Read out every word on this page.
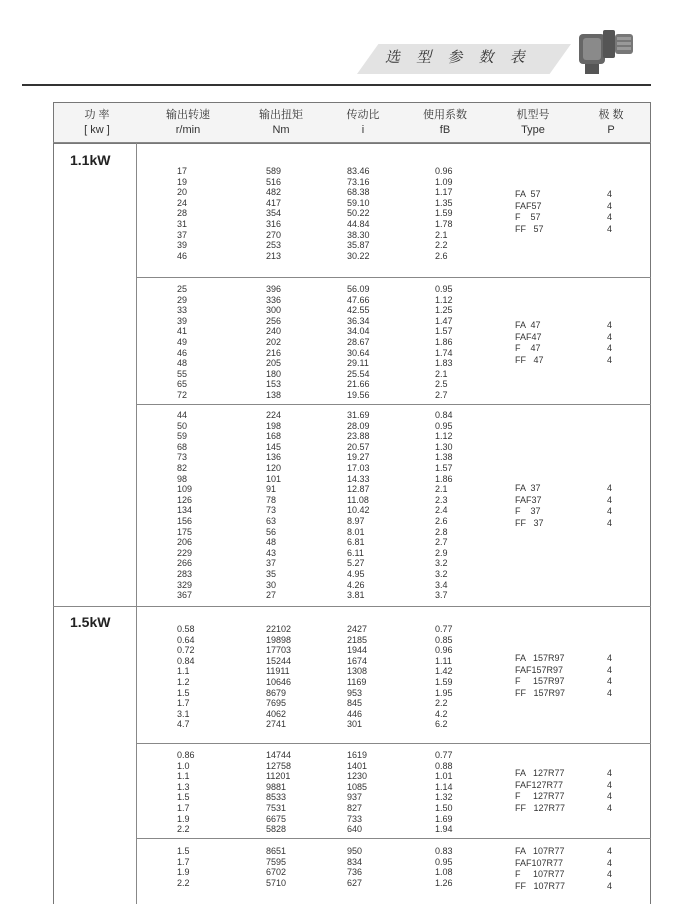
选 型 参 数 表
功 率
[ kw ]
输出转速
r/min
输出扭矩
Nm
传动比
i
使用系数
fB
机型号
Type
极 数
P
1.1kW
1.5kW
17
19
20
24
28
31
37
39
46
589
516
482
417
354
316
270
253
213
83.46
73.16
68.38
59.10
50.22
44.84
38.30
35.87
30.22
0.96
1.09
1.17
1.35
1.59
1.78
2.1
2.2
2.6
FA  57
FAF57
F    57
FF   57
4
4
4
4
25
29
33
39
41
49
46
48
55
65
72
396
336
300
256
240
202
216
205
180
153
138
56.09
47.66
42.55
36.34
34.04
28.67
30.64
29.11
25.54
21.66
19.56
0.95
1.12
1.25
1.47
1.57
1.86
1.74
1.83
2.1
2.5
2.7
FA  47
FAF47
F    47
FF   47
4
4
4
4
44
50
59
68
73
82
98
109
126
134
156
175
206
229
266
283
329
367
224
198
168
145
136
120
101
91
78
73
63
56
48
43
37
35
30
27
31.69
28.09
23.88
20.57
19.27
17.03
14.33
12.87
11.08
10.42
8.97
8.01
6.81
6.11
5.27
4.95
4.26
3.81
0.84
0.95
1.12
1.30
1.38
1.57
1.86
2.1
2.3
2.4
2.6
2.8
2.7
2.9
3.2
3.2
3.4
3.7
FA  37
FAF37
F    37
FF   37
4
4
4
4
0.58
0.64
0.72
0.84
1.1
1.2
1.5
1.7
3.1
4.7
22102
19898
17703
15244
11911
10646
8679
7695
4062
2741
2427
2185
1944
1674
1308
1169
953
845
446
301
0.77
0.85
0.96
1.11
1.42
1.59
1.95
2.2
4.2
6.2
FA   157R97
FAF157R97
F     157R97
FF   157R97
4
4
4
4
0.86
1.0
1.1
1.3
1.5
1.7
1.9
2.2
14744
12758
11201
9881
8533
7531
6675
5828
1619
1401
1230
1085
937
827
733
640
0.77
0.88
1.01
1.14
1.32
1.50
1.69
1.94
FA   127R77
FAF127R77
F     127R77
FF   127R77
4
4
4
4
1.5
1.7
1.9
2.2
8651
7595
6702
5710
950
834
736
627
0.83
0.95
1.08
1.26
FA   107R77
FAF107R77
F     107R77
FF   107R77
4
4
4
4
